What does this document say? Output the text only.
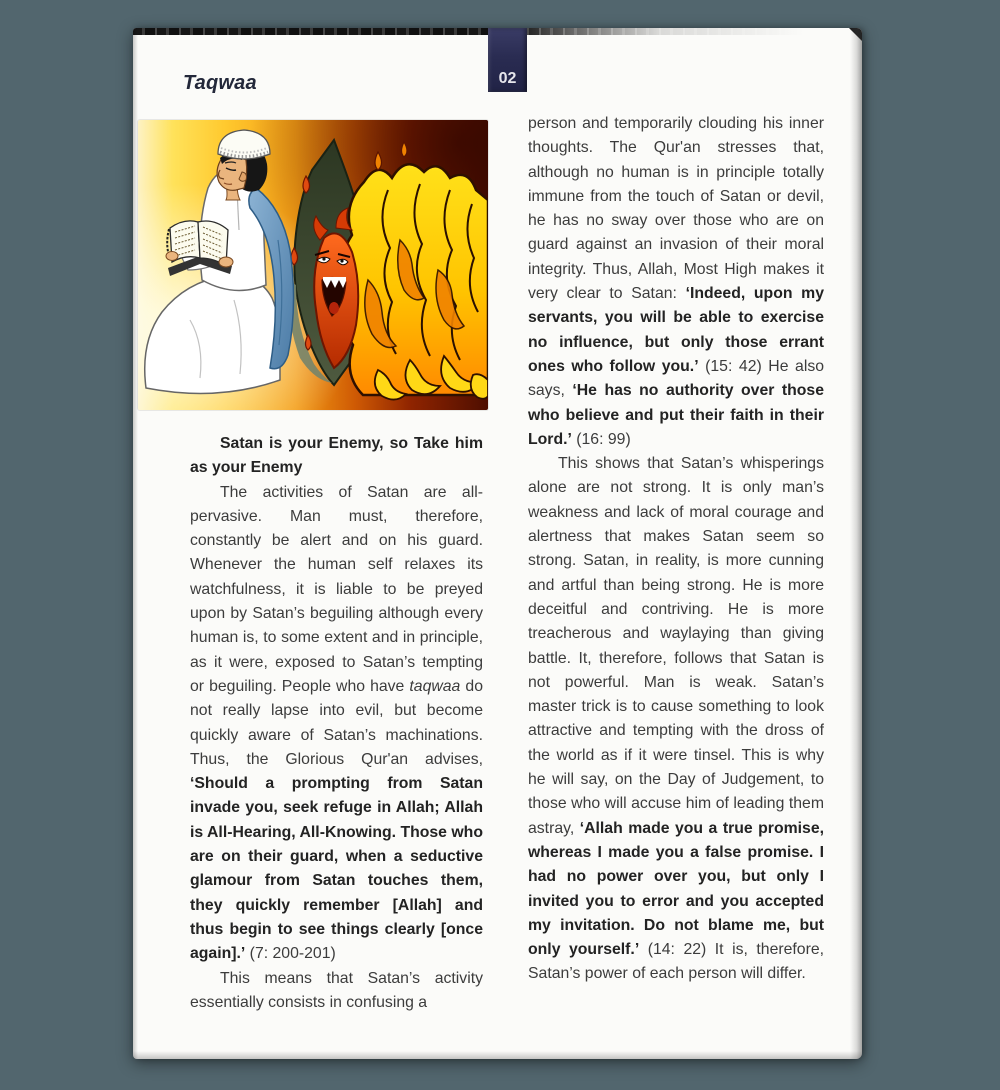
Taqwaa	02

Satan is your Enemy, so Take him as your Enemy

The activities of Satan are all-pervasive. Man must, therefore, constantly be alert and on his guard. Whenever the human self relaxes its watchfulness, it is liable to be preyed upon by Satan’s beguiling although every human is, to some extent and in principle, as it were, exposed to Satan’s tempting or beguiling. People who have taqwaa do not really lapse into evil, but become quickly aware of Satan’s machinations. Thus, the Glorious Qur'an advises, ‘Should a prompting from Satan invade you, seek refuge in Allah; Allah is All-Hearing, All-Knowing. Those who are on their guard, when a seductive glamour from Satan touches them, they quickly remember [Allah] and thus begin to see things clearly [once again].’ (7: 200-201)

This means that Satan’s activity essentially consists in confusing a

person and temporarily clouding his inner thoughts. The Qur'an stresses that, although no human is in principle totally immune from the touch of Satan or devil, he has no sway over those who are on guard against an invasion of their moral integrity. Thus, Allah, Most High makes it very clear to Satan: ‘Indeed, upon my servants, you will be able to exercise no influence, but only those errant ones who follow you.’ (15: 42) He also says, ‘He has no authority over those who believe and put their faith in their Lord.’ (16: 99)

This shows that Satan’s whisperings alone are not strong. It is only man’s weakness and lack of moral courage and alertness that makes Satan seem so strong. Satan, in reality, is more cunning and artful than being strong. He is more deceitful and contriving. He is more treacherous and waylaying than giving battle. It, therefore, follows that Satan is not powerful. Man is weak. Satan’s master trick is to cause something to look attractive and tempting with the dross of the world as if it were tinsel. This is why he will say, on the Day of Judgement, to those who will accuse him of leading them astray, ‘Allah made you a true promise, whereas I made you a false promise. I had no power over you, but only I invited you to error and you accepted my invitation. Do not blame me, but only yourself.’ (14: 22) It is, therefore, Satan’s power of each person will differ.
